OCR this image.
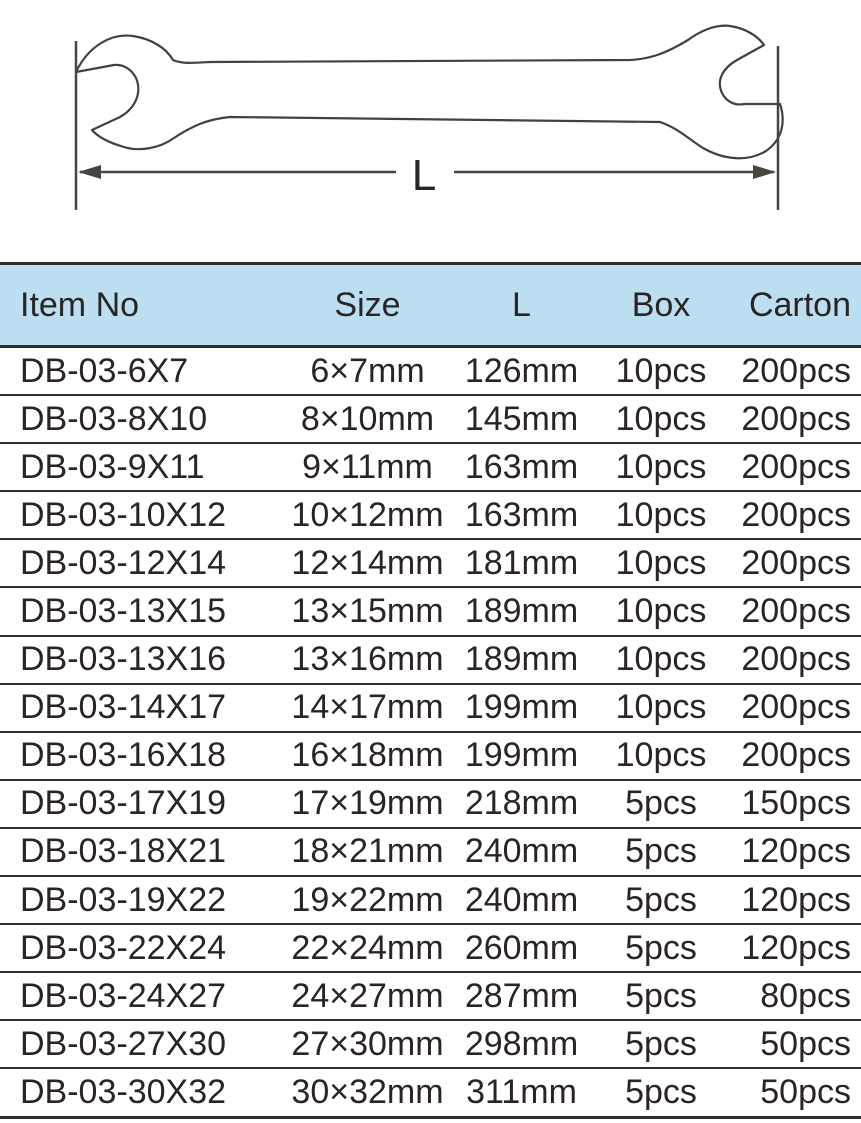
L
Item No	Size	L	Box	Carton
DB-03-6X7	6×7mm	126mm	10pcs	200pcs
DB-03-8X10	8×10mm 145mm	10pcs	200pcs
DB-03-9X11	9×11mm 163mm	10pcs	200pcs
DB-03-10X12	10×12mm 163mm	10pcs	200pcs
DB-03-12X14	12×14mm 181mm	10pcs	200pcs
DB-03-13X15	13×15mm 189mm	10pcs	200pcs
DB-03-13X16	13×16mm 189mm	10pcs	200pcs
DB-03-14X17	14×17mm 199mm	10pcs	200pcs
DB-03-16X18	16×18mm 199mm	10pcs	200pcs
DB-03-17X19	17×19mm 218mm	5pcs	150pcs
DB-03-18X21	18×21mm 240mm	5pcs	120pcs
DB-03-19X22	19×22mm 240mm	5pcs	120pcs
DB-03-22X24	22×24mm 260mm	5pcs	120pcs
DB-03-24X27	24×27mm 287mm	5pcs	80pcs
DB-03-27X30	27×30mm 298mm	5pcs	50pcs
DB-03-30X32	30×32mm 311mm	5pcs	50pcs
